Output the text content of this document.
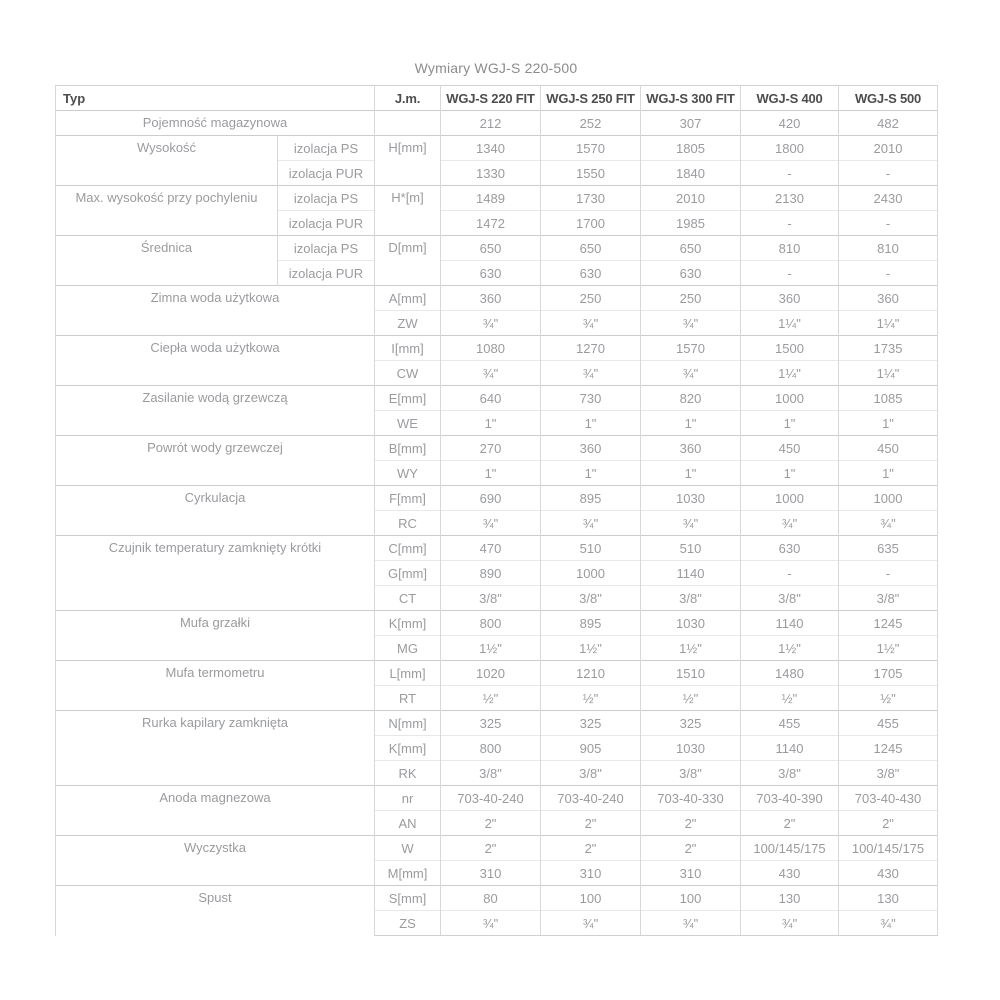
Wymiary WGJ-S 220-500
Typ		J.m.	WGJ-S 220 FIT	WGJ-S 250 FIT	WGJ-S 300 FIT	WGJ-S 400	WGJ-S 500
Pojemność magazynowa			212	252	307	420	482
Wysokość	izolacja PS	H[mm]	1340	1570	1805	1800	2010
	izolacja PUR		1330	1550	1840	-	-
Max. wysokość przy pochyleniu	izolacja PS	H*[m]	1489	1730	2010	2130	2430
	izolacja PUR		1472	1700	1985	-	-
Średnica	izolacja PS	D[mm]	650	650	650	810	810
	izolacja PUR		630	630	630	-	-
Zimna woda użytkowa		A[mm]	360	250	250	360	360
		ZW	¾"	¾"	¾"	1¼"	1¼"
Ciepła woda użytkowa		I[mm]	1080	1270	1570	1500	1735
		CW	¾"	¾"	¾"	1¼"	1¼"
Zasilanie wodą grzewczą		E[mm]	640	730	820	1000	1085
		WE	1"	1"	1"	1"	1"
Powrót wody grzewczej		B[mm]	270	360	360	450	450
		WY	1"	1"	1"	1"	1"
Cyrkulacja		F[mm]	690	895	1030	1000	1000
		RC	¾"	¾"	¾"	¾"	¾"
Czujnik temperatury zamknięty krótki		C[mm]	470	510	510	630	635
		G[mm]	890	1000	1140	-	-
		CT	3/8"	3/8"	3/8"	3/8"	3/8"
Mufa grzałki		K[mm]	800	895	1030	1140	1245
		MG	1½"	1½"	1½"	1½"	1½"
Mufa termometru		L[mm]	1020	1210	1510	1480	1705
		RT	½"	½"	½"	½"	½"
Rurka kapilary zamknięta		N[mm]	325	325	325	455	455
		K[mm]	800	905	1030	1140	1245
		RK	3/8"	3/8"	3/8"	3/8"	3/8"
Anoda magnezowa		nr	703-40-240	703-40-240	703-40-330	703-40-390	703-40-430
		AN	2"	2"	2"	2"	2"
Wyczystka		W	2"	2"	2"	100/145/175	100/145/175
		M[mm]	310	310	310	430	430
Spust		S[mm]	80	100	100	130	130
		ZS	¾"	¾"	¾"	¾"	¾"
